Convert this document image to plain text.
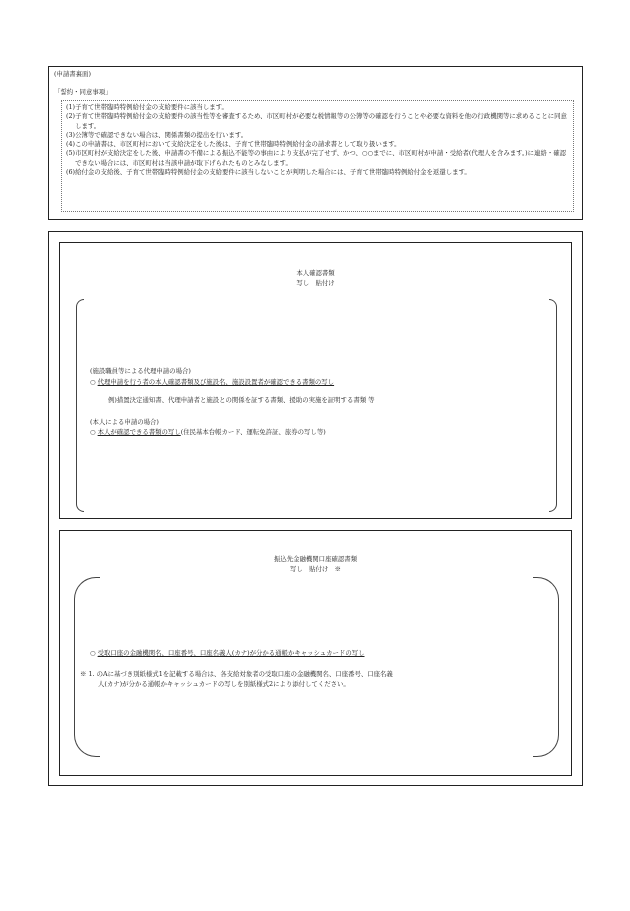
(申請書裏面)
「誓約・同意事項」
(1) 子育て世帯臨時特例給付金の支給要件に該当します。
(2) 子育て世帯臨時特例給付金の支給要件の該当性等を審査するため、市区町村が必要な税情報等の公簿等の確認を行うことや必要な資料を他の行政機関等に求めることに同意します。
(3) 公簿等で確認できない場合は、関係書類の提出を行います。
(4) この申請書は、市区町村において支給決定をした後は、子育て世帯臨時特例給付金の請求書として取り扱います。
(5) 市区町村が支給決定をした後、申請書の不備による振込不能等の事由により支払が完了せず、かつ、○○までに、市区町村が申請・受給者(代理人を含みます。)に連絡・確認できない場合には、市区町村は当該申請が取下げられたものとみなします。
(6) 給付金の支給後、子育て世帯臨時特例給付金の支給要件に該当しないことが判明した場合には、子育て世帯臨時特例給付金を返還します。
本人確認書類
写し　貼付け
(施設職員等による代理申請の場合)
○ 代理申請を行う者の本人確認書類及び施設名、施設設置者が確認できる書類の写し
例)措置決定通知書、代理申請者と施設との関係を証する書類、援助の実施を証明する書類 等
(本人による申請の場合)
○ 本人が確認できる書類の写し(住民基本台帳カード、運転免許証、旅券の写し等)
振込先金融機関口座確認書類
写し　貼付け　※
○ 受取口座の金融機関名、口座番号、口座名義人(カナ)が分かる通帳かキャッシュカードの写し
※ 1. のAに基づき別紙様式1を記載する場合は、各支給対象者の受取口座の金融機関名、口座番号、口座名義
人(カナ)が分かる通帳かキャッシュカードの写しを別紙様式2により添付してください。
